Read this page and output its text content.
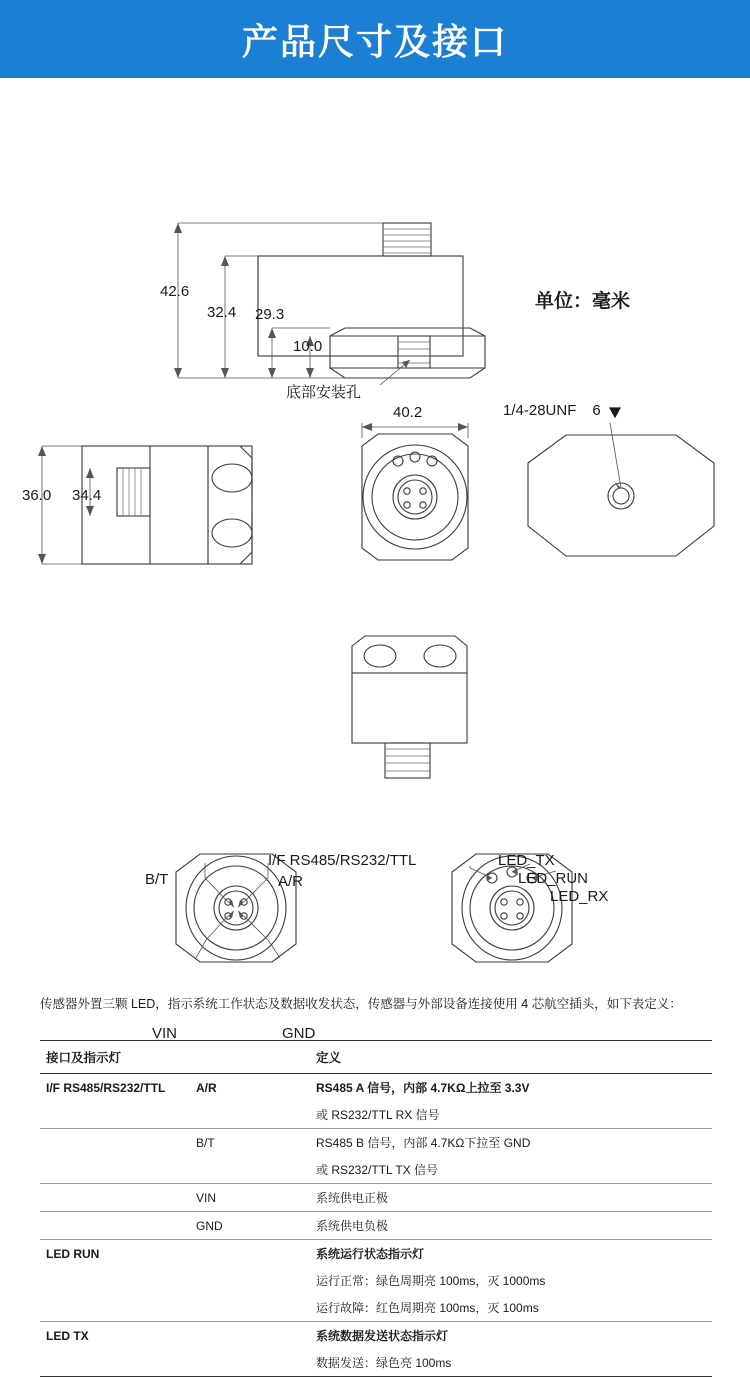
产品尺寸及接口
42.6
32.4 29.3
10.0
36.0 34.4
40.2
底部安装孔
单位：毫米
1/4-28UNF 6
I/F RS485/RS232/TTL
A/R
B/T
VIN	GND
LED_TX
LED_RUN
LED_RX
传感器外置三颗 LED，指示系统工作状态及数据收发状态，传感器与外部设备连接使用 4 芯航空插头，如下表定义：
接口及指示灯		定义
I/F RS485/RS232/TTL	A/R	RS485 A 信号，内部 4.7KΩ上拉至 3.3V
		或 RS232/TTL RX 信号
	B/T	RS485 B 信号，内部 4.7KΩ下拉至 GND
		或 RS232/TTL TX 信号
	VIN	系统供电正极
	GND	系统供电负极
LED RUN		系统运行状态指示灯
		运行正常：绿色周期亮 100ms，灭 1000ms
		运行故障：红色周期亮 100ms，灭 100ms
LED TX		系统数据发送状态指示灯
		数据发送：绿色亮 100ms
